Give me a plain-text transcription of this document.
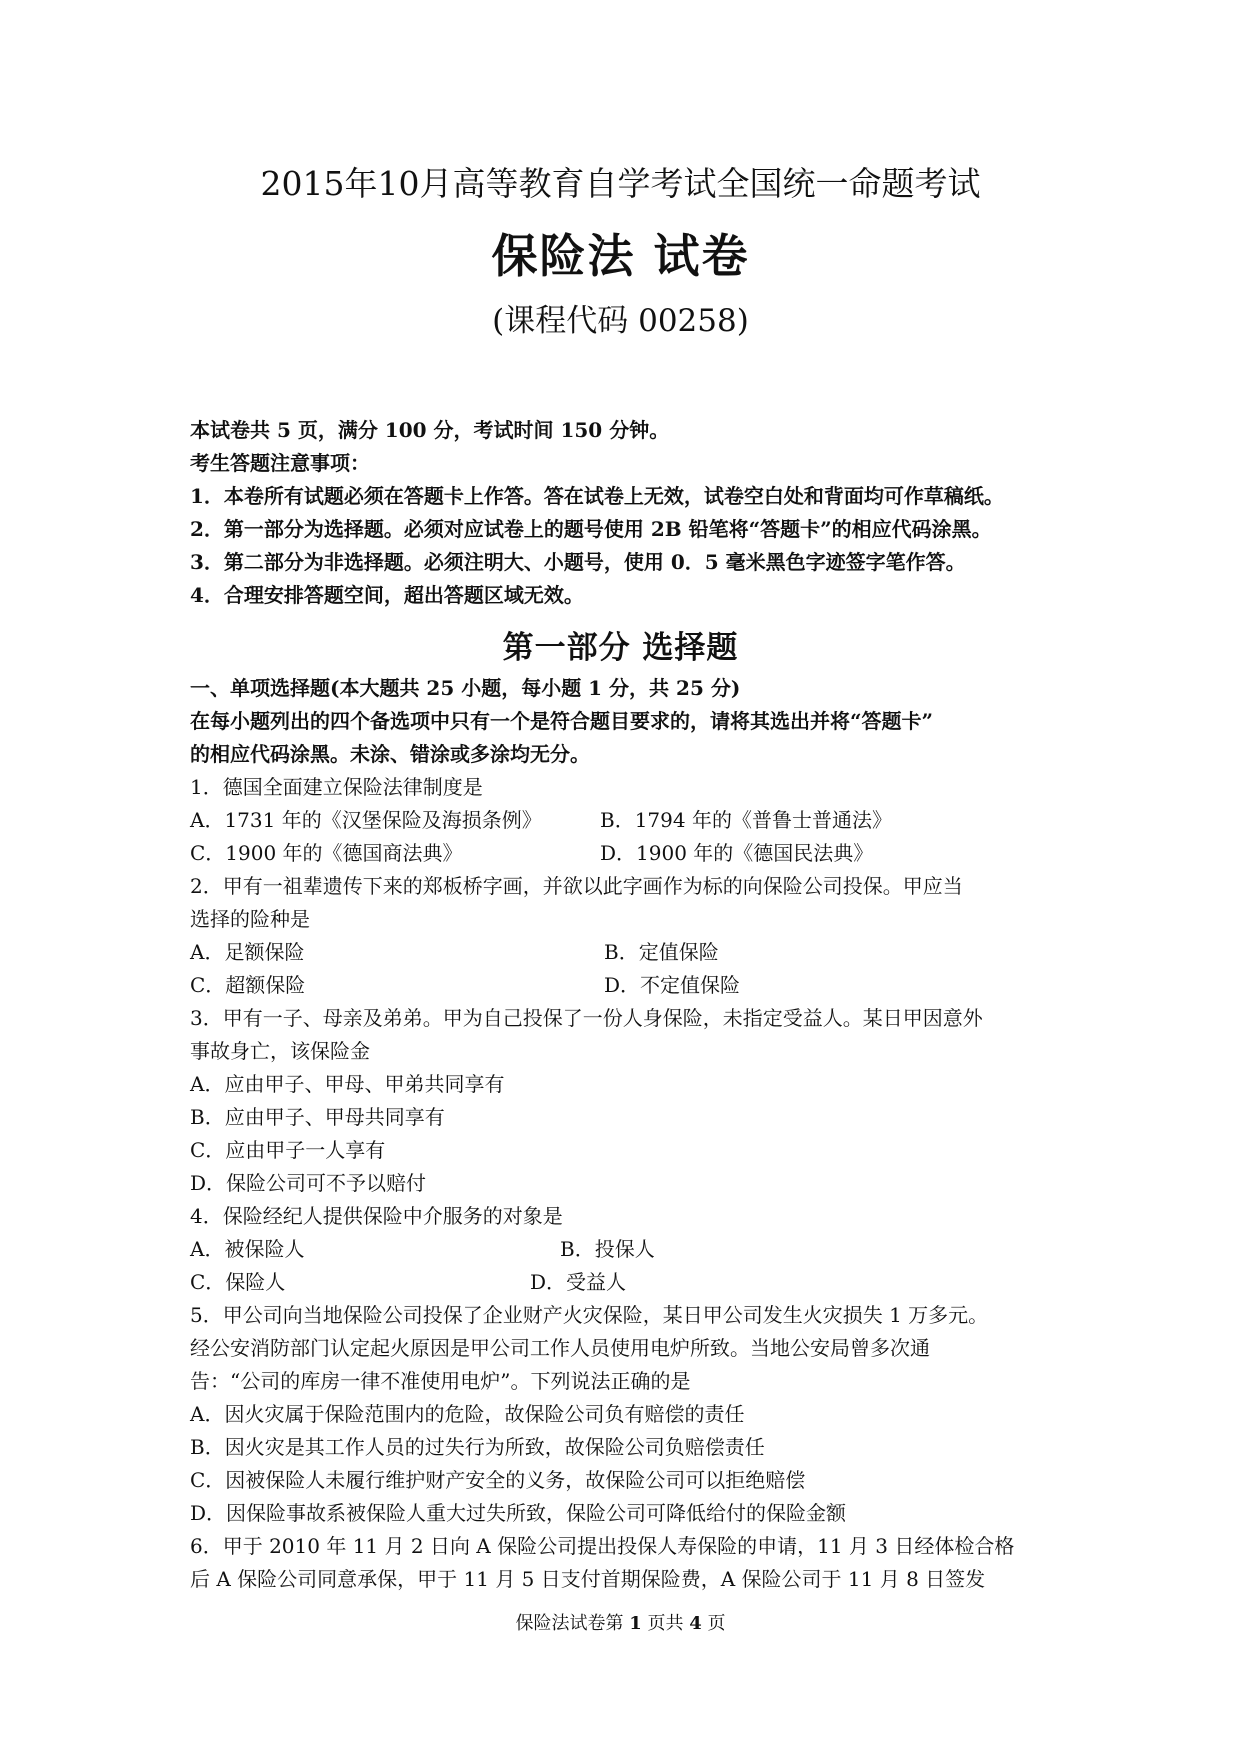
2015年10月高等教育自学考试全国统一命题考试
保险法 试卷
(课程代码 00258)
本试卷共 5 页，满分 100 分，考试时间 150 分钟。
考生答题注意事项：
1．本卷所有试题必须在答题卡上作答。答在试卷上无效，试卷空白处和背面均可作草稿纸。
2．第一部分为选择题。必须对应试卷上的题号使用 2B 铅笔将“答题卡”的相应代码涂黑。
3．第二部分为非选择题。必须注明大、小题号，使用 0．5 毫米黑色字迹签字笔作答。
4．合理安排答题空间，超出答题区域无效。
第一部分 选择题
一、单项选择题(本大题共 25 小题，每小题 1 分，共 25 分)
在每小题列出的四个备选项中只有一个是符合题目要求的，请将其选出并将“答题卡”
的相应代码涂黑。未涂、错涂或多涂均无分。
1．德国全面建立保险法律制度是
A．1731 年的《汉堡保险及海损条例》	B．1794 年的《普鲁士普通法》
C．1900 年的《德国商法典》	D．1900 年的《德国民法典》
2．甲有一祖辈遗传下来的郑板桥字画，并欲以此字画作为标的向保险公司投保。甲应当
选择的险种是
A．足额保险	B．定值保险
C．超额保险	D．不定值保险
3．甲有一子、母亲及弟弟。甲为自己投保了一份人身保险，未指定受益人。某日甲因意外
事故身亡，该保险金
A．应由甲子、甲母、甲弟共同享有
B．应由甲子、甲母共同享有
C．应由甲子一人享有
D．保险公司可不予以赔付
4．保险经纪人提供保险中介服务的对象是
A．被保险人	B．投保人
C．保险人	D．受益人
5．甲公司向当地保险公司投保了企业财产火灾保险，某日甲公司发生火灾损失 1 万多元。
经公安消防部门认定起火原因是甲公司工作人员使用电炉所致。当地公安局曾多次通
告：“公司的库房一律不准使用电炉”。下列说法正确的是
A．因火灾属于保险范围内的危险，故保险公司负有赔偿的责任
B．因火灾是其工作人员的过失行为所致，故保险公司负赔偿责任
C．因被保险人未履行维护财产安全的义务，故保险公司可以拒绝赔偿
D．因保险事故系被保险人重大过失所致，保险公司可降低给付的保险金额
6．甲于 2010 年 11 月 2 日向 A 保险公司提出投保人寿保险的申请，11 月 3 日经体检合格
后 A 保险公司同意承保，甲于 11 月 5 日支付首期保险费，A 保险公司于 11 月 8 日签发
保险法试卷第 1 页共 4 页
